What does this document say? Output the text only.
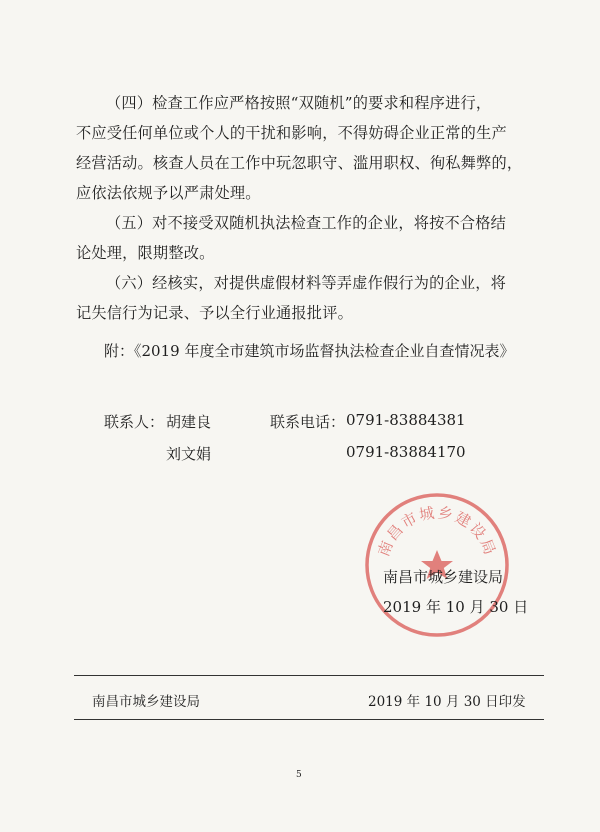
（四）检查工作应严格按照“双随机”的要求和程序进行，
不应受任何单位或个人的干扰和影响，不得妨碍企业正常的生产
经营活动。核查人员在工作中玩忽职守、滥用职权、徇私舞弊的，
应依法依规予以严肃处理。
（五）对不接受双随机执法检查工作的企业，将按不合格结
论处理，限期整改。
（六）经核实，对提供虚假材料等弄虚作假行为的企业，将
记失信行为记录、予以全行业通报批评。

附：《2019 年度全市建筑市场监督执法检查企业自查情况表》

联系人： 胡建良
刘文娟
联系电话： 0791-83884381
0791-83884170
南昌市城乡建设局
南昌市城乡建设局
2019 年 10 月 30 日
南昌市城乡建设局	2019 年 10 月 30 日印发
5
